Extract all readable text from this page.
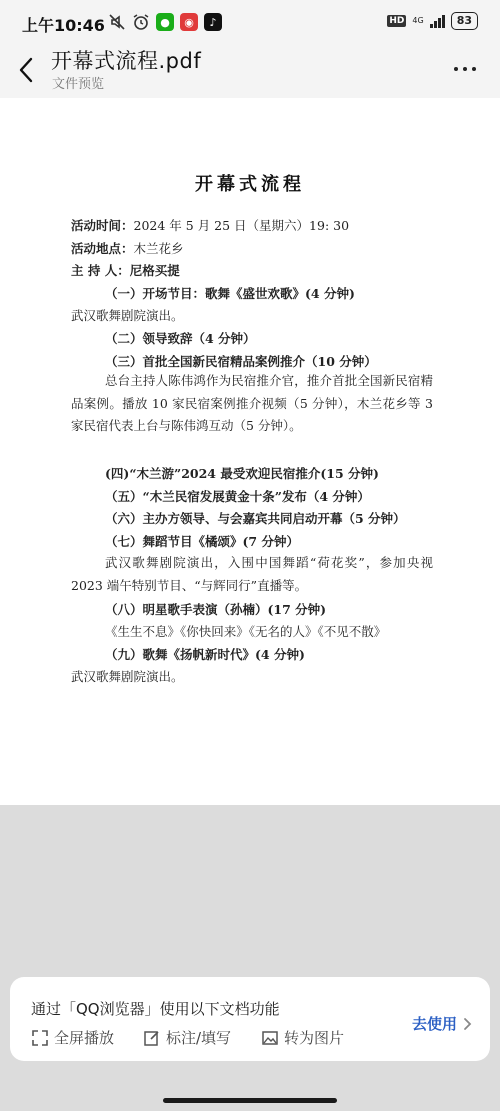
上午10:46	●	◉	♪	HD 4G	83
开幕式流程.pdf
文件预览
开幕式流程
活动时间：2024 年 5 月 25 日（星期六）19: 30
活动地点：木兰花乡
主 持 人：尼格买提
（一）开场节目：歌舞《盛世欢歌》(4 分钟)
武汉歌舞剧院演出。
（二）领导致辞（4 分钟）
（三）首批全国新民宿精品案例推介（10 分钟）
总台主持人陈伟鸿作为民宿推介官，推介首批全国新民宿精品案例。播放 10 家民宿案例推介视频（5 分钟），木兰花乡等 3 家民宿代表上台与陈伟鸿互动（5 分钟）。
(四)“木兰游”2024 最受欢迎民宿推介(15 分钟)
（五）“木兰民宿发展黄金十条”发布（4 分钟）
（六）主办方领导、与会嘉宾共同启动开幕（5 分钟）
（七）舞蹈节目《橘颂》(7 分钟）
武汉歌舞剧院演出，入围中国舞蹈“荷花奖”，参加央视 2023 端午特别节目、“与辉同行”直播等。
（八）明星歌手表演（孙楠）(17 分钟)
《生生不息》《你快回来》《无名的人》《不见不散》
（九）歌舞《扬帆新时代》(4 分钟)
武汉歌舞剧院演出。
通过「QQ浏览器」使用以下文档功能
全屏播放	标注/填写	转为图片
去使用
